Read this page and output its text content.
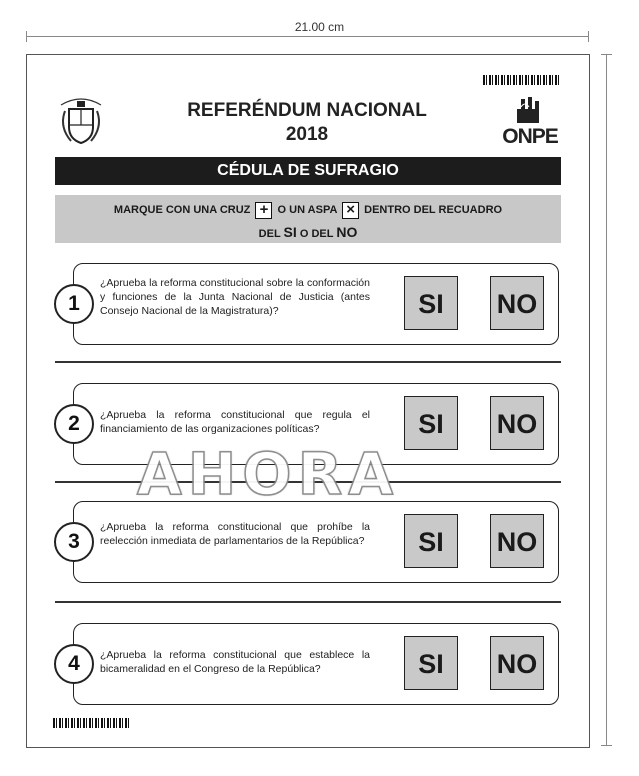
21.00 cm
REFERÉNDUM NACIONAL
2018	ONPE
CÉDULA DE SUFRAGIO
MARQUE CON UNA CRUZ + O UN ASPA × DENTRO DEL RECUADRO
DEL SI O DEL NO
1
¿Aprueba la reforma constitucional sobre la conformación y funciones de la Junta Nacional de Justicia (antes Consejo Nacional de la Magistratura)?	SI	NO
2	¿Aprueba la reforma constitucional que regula el financiamiento de las organizaciones políticas?	SI	NO
3
¿Aprueba la reforma constitucional que prohíbe la reelección inmediata de parlamentarios de la República?	SI	NO
4	¿Aprueba la reforma constitucional que establece la bicameralidad en el Congreso de la República?	SI	NO
AHORA
